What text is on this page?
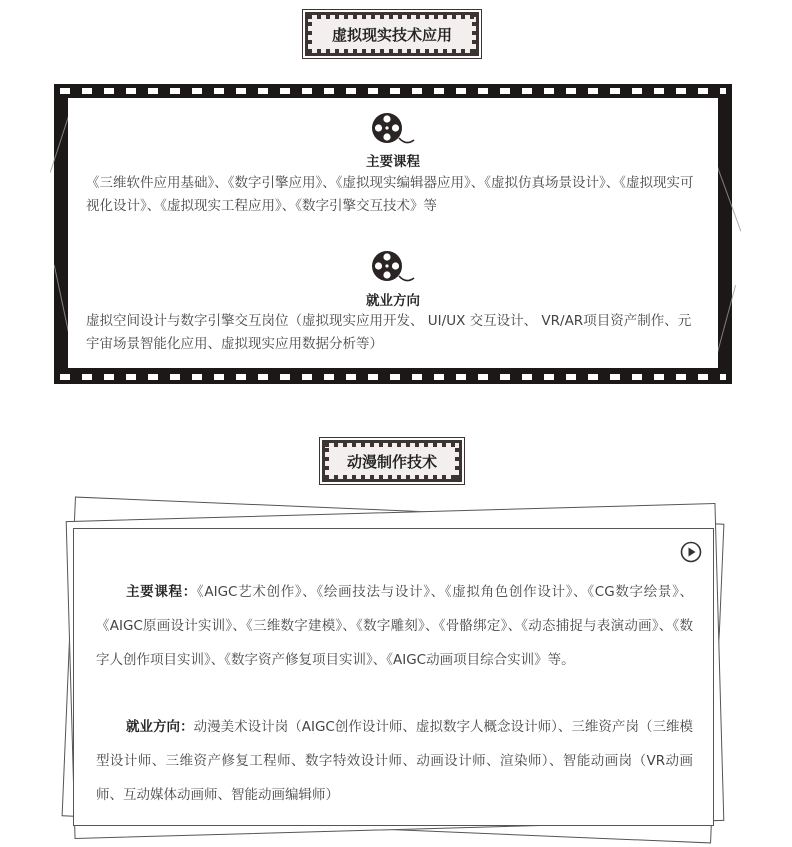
虚拟现实技术应用
主要课程
《三维软件应用基础》、《数字引擎应用》、《虚拟现实编辑器应用》、《虚拟仿真场景设计》、《虚拟现实可视化设计》、《虚拟现实工程应用》、《数字引擎交互技术》等
就业方向
虚拟空间设计与数字引擎交互岗位（虚拟现实应用开发、 UI/UX 交互设计、 VR/AR项目资产制作、元宇宙场景智能化应用、虚拟现实应用数据分析等）
动漫制作技术
主要课程：《AIGC艺术创作》、《绘画技法与设计》、《虚拟角色创作设计》、《CG数字绘景》、《AIGC原画设计实训》、《三维数字建模》、《数字雕刻》、《骨骼绑定》、《动态捕捉与表演动画》、《数字人创作项目实训》、《数字资产修复项目实训》、《AIGC动画项目综合实训》等。
就业方向：动漫美术设计岗（AIGC创作设计师、虚拟数字人概念设计师）、三维资产岗（三维模型设计师、三维资产修复工程师、数字特效设计师、动画设计师、渲染师）、智能动画岗（VR动画师、互动媒体动画师、智能动画编辑师）
